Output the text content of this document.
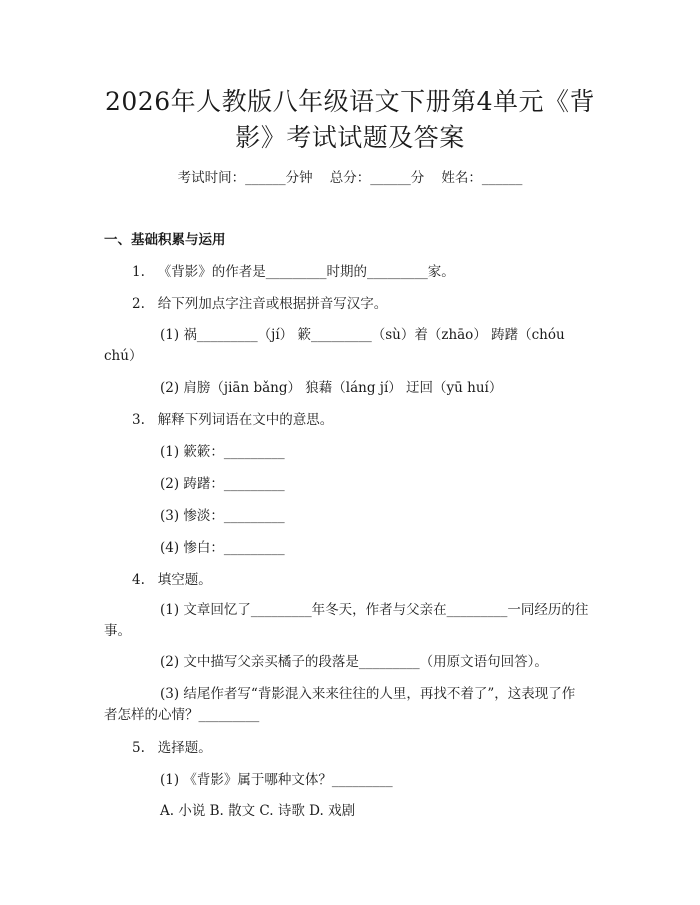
2026年人教版八年级语文下册第4单元《背
影》考试试题及答案
考试时间：______分钟    总分：______分    姓名：______
一、基础积累与运用
1.   《背影》的作者是_________时期的_________家。
2.   给下列加点字注音或根据拼音写汉字。
(1) 祸_________（jí） 簌_________（sù）着（zhāo） 踌躇（chóu
chú）
(2) 肩膀（jiān bǎng） 狼藉（láng jí） 迂回（yū huí）
3.   解释下列词语在文中的意思。
(1) 簌簌：_________
(2) 踌躇：_________
(3) 惨淡：_________
(4) 惨白：_________
4.   填空题。
(1) 文章回忆了_________年冬天，作者与父亲在_________一同经历的往
事。
(2) 文中描写父亲买橘子的段落是_________（用原文语句回答）。
(3) 结尾作者写“背影混入来来往往的人里，再找不着了”，这表现了作
者怎样的心情？_________
5.   选择题。
(1) 《背影》属于哪种文体？_________
A. 小说 B. 散文 C. 诗歌 D. 戏剧
